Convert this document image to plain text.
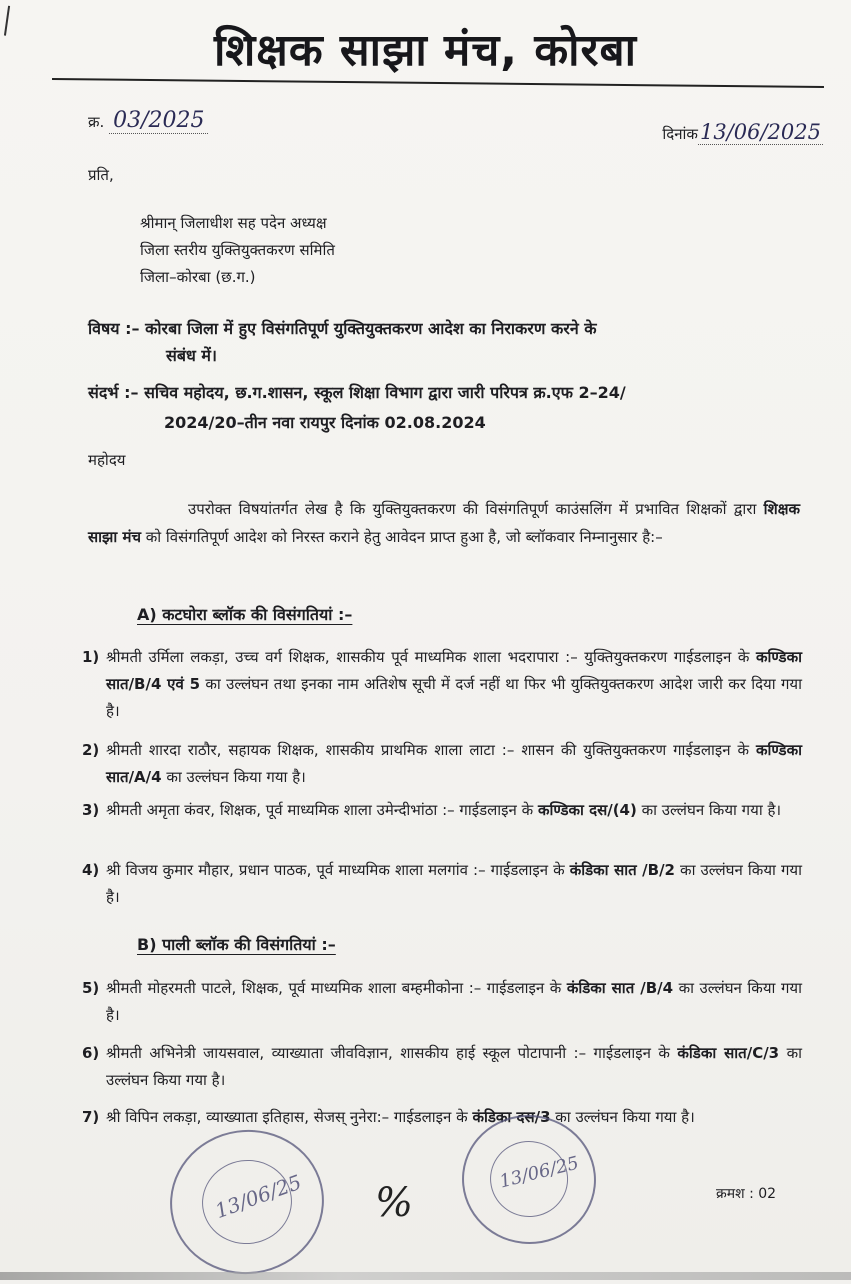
शिक्षक साझा मंच, कोरबा
क्र. 03/2025
दिनांक13/06/2025
प्रति,
श्रीमान् जिलाधीश सह पदेन अध्यक्ष
जिला स्तरीय युक्तियुक्तकरण समिति
जिला–कोरबा (छ.ग.)
विषय :– कोरबा जिला में हुए विसंगतिपूर्ण युक्तियुक्तकरण आदेश का निराकरण करने के
संबंध में।
संदर्भ :– सचिव महोदय, छ.ग.शासन, स्कूल शिक्षा विभाग द्वारा जारी परिपत्र क्र.एफ 2–24/
2024/20–तीन नवा रायपुर दिनांक 02.08.2024
महोदय
उपरोक्त विषयांतर्गत लेख है कि युक्तियुक्तकरण की विसंगतिपूर्ण काउंसलिंग में प्रभावित शिक्षकों द्वारा शिक्षक साझा मंच को विसंगतिपूर्ण आदेश को निरस्त कराने हेतु आवेदन प्राप्त हुआ है, जो ब्लॉकवार निम्नानुसार है:–
A) कटघोरा ब्लॉक की विसंगतियां :–
1) श्रीमती उर्मिला लकड़ा, उच्च वर्ग शिक्षक, शासकीय पूर्व माध्यमिक शाला भदरापारा :– युक्तियुक्तकरण गाईडलाइन के कण्डिका सात/B/4 एवं 5 का उल्लंघन तथा इनका नाम अतिशेष सूची में दर्ज नहीं था फिर भी युक्तियुक्तकरण आदेश जारी कर दिया गया है।
2) श्रीमती शारदा राठौर, सहायक शिक्षक, शासकीय प्राथमिक शाला लाटा :– शासन की युक्तियुक्तकरण गाईडलाइन के कण्डिका सात/A/4 का उल्लंघन किया गया है।
3) श्रीमती अमृता कंवर, शिक्षक, पूर्व माध्यमिक शाला उमेन्दीभांठा :– गाईडलाइन के कण्डिका दस/(4) का उल्लंघन किया गया है।
4) श्री विजय कुमार मौहार, प्रधान पाठक, पूर्व माध्यमिक शाला मलगांव :– गाईडलाइन के कंडिका सात /B/2 का उल्लंघन किया गया है।
B) पाली ब्लॉक की विसंगतियां :–
5) श्रीमती मोहरमती पाटले, शिक्षक, पूर्व माध्यमिक शाला बम्हमीकोना :– गाईडलाइन के कंडिका सात /B/4 का उल्लंघन किया गया है।
6) श्रीमती अभिनेत्री जायसवाल, व्याख्याता जीवविज्ञान, शासकीय हाई स्कूल पोटापानी :– गाईडलाइन के कंडिका सात/C/3 का उल्लंघन किया गया है।
7) श्री विपिन लकड़ा, व्याख्याता इतिहास, सेजस् नुनेरा:– गाईडलाइन के कंडिका दस/3 का उल्लंघन किया गया है।
13/06/25 %
13/06/25
क्रमश : 02
